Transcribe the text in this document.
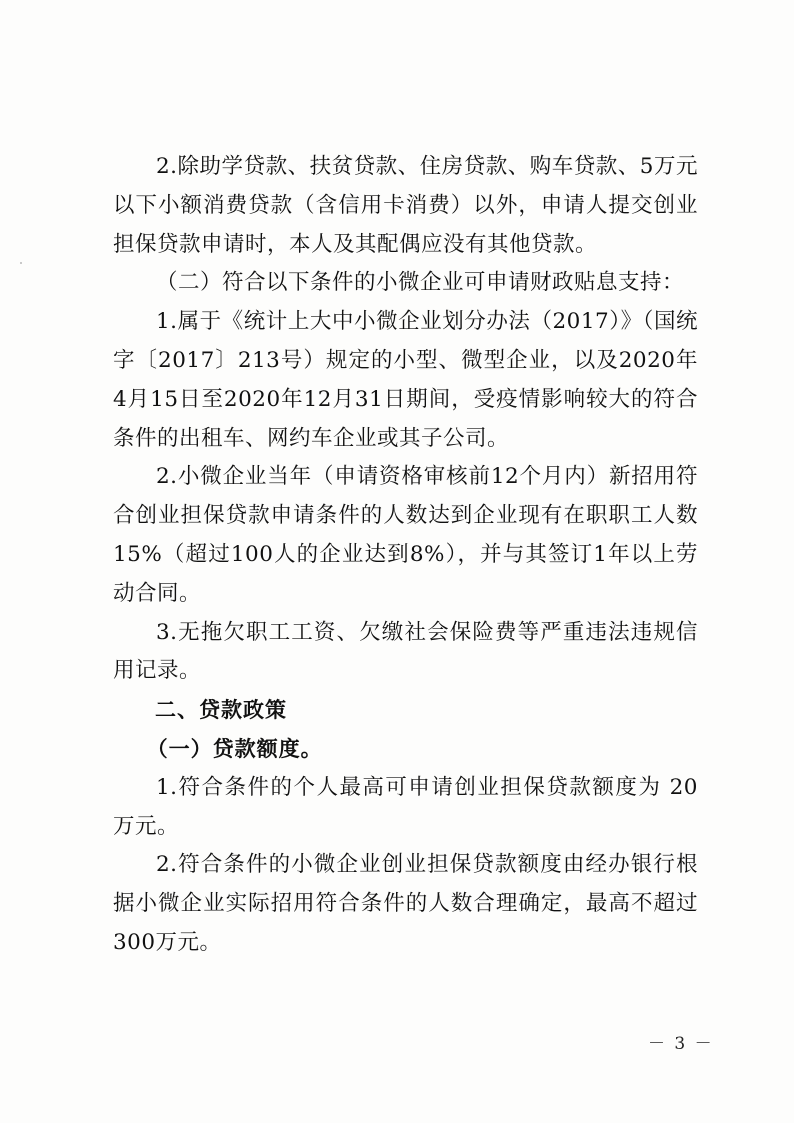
2.除助学贷款、扶贫贷款、住房贷款、购车贷款、5万元以下小额消费贷款（含信用卡消费）以外，申请人提交创业担保贷款申请时，本人及其配偶应没有其他贷款。

（二）符合以下条件的小微企业可申请财政贴息支持：

1.属于《统计上大中小微企业划分办法（2017）》（国统字〔2017〕213号）规定的小型、微型企业，以及2020年4月15日至2020年12月31日期间，受疫情影响较大的符合条件的出租车、网约车企业或其子公司。

2.小微企业当年（申请资格审核前12个月内）新招用符合创业担保贷款申请条件的人数达到企业现有在职职工人数15%（超过100人的企业达到8%），并与其签订1年以上劳动合同。

3.无拖欠职工工资、欠缴社会保险费等严重违法违规信用记录。

二、贷款政策

（一）贷款额度。

1.符合条件的个人最高可申请创业担保贷款额度为 20 万元。

2.符合条件的小微企业创业担保贷款额度由经办银行根据小微企业实际招用符合条件的人数合理确定，最高不超过 300万元。

－ 3 －
